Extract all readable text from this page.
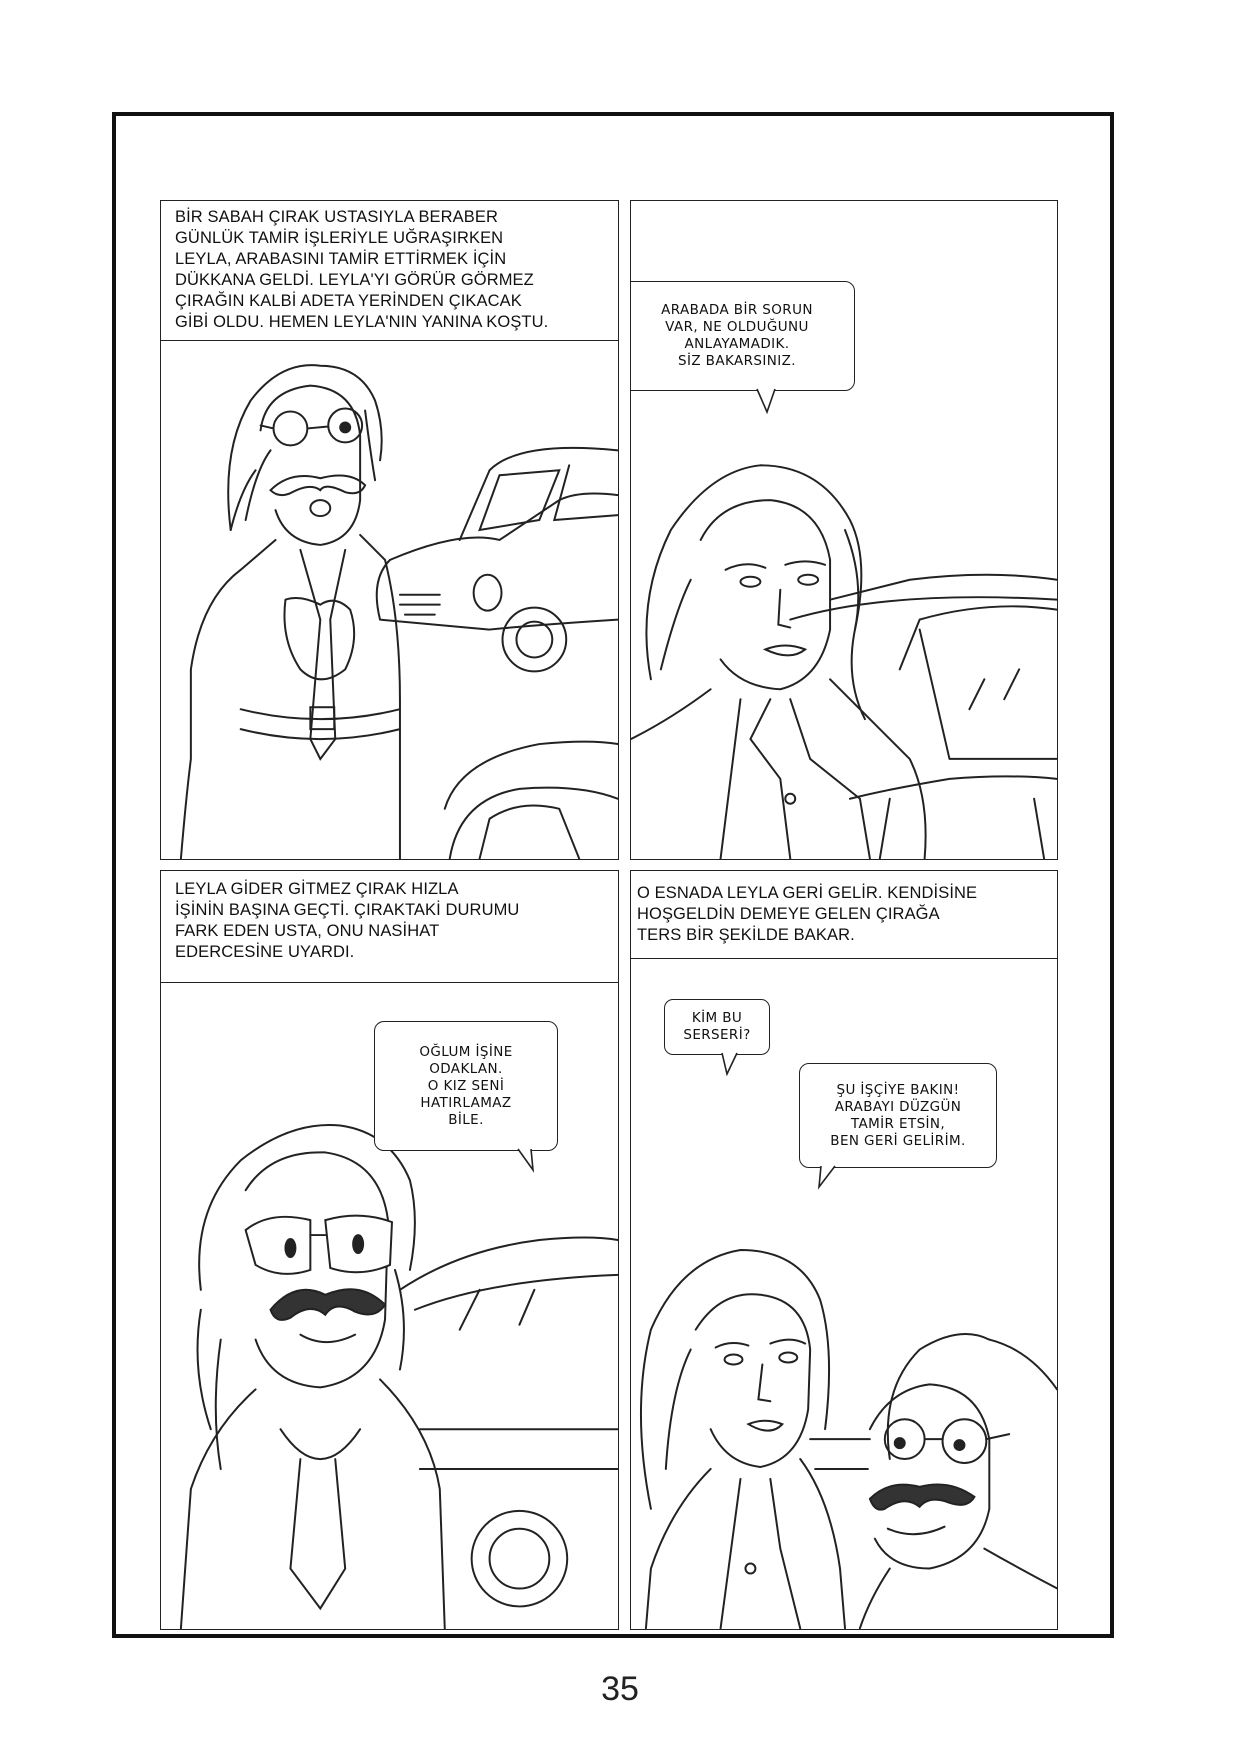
BİR SABAH ÇIRAK USTASIYLA BERABER
GÜNLÜK TAMİR İŞLERİYLE UĞRAŞIRKEN
LEYLA, ARABASINI TAMİR ETTİRMEK İÇİN
DÜKKANA GELDİ. LEYLA'YI GÖRÜR GÖRMEZ
ÇIRAĞIN KALBİ ADETA YERİNDEN ÇIKACAK
GİBİ OLDU. HEMEN LEYLA'NIN YANINA KOŞTU.
ARABADA BİR SORUN
VAR, NE OLDUĞUNU
ANLAYAMADIK.
SİZ BAKARSINIZ.
LEYLA GİDER GİTMEZ ÇIRAK HIZLA
İŞİNİN BAŞINA GEÇTİ. ÇIRAKTAKİ DURUMU
FARK EDEN USTA, ONU NASİHAT
EDERCESİNE UYARDI.
OĞLUM İŞİNE
ODAKLAN.
O KIZ SENİ
HATIRLAMAZ
BİLE.
O ESNADA LEYLA GERİ GELİR. KENDİSİNE
HOŞGELDİN DEMEYE GELEN ÇIRAĞA
TERS BİR ŞEKİLDE BAKAR.
KİM BU
SERSERİ?
ŞU İŞÇİYE BAKIN!
ARABAYI DÜZGÜN
TAMİR ETSİN,
BEN GERİ GELİRİM.
35
